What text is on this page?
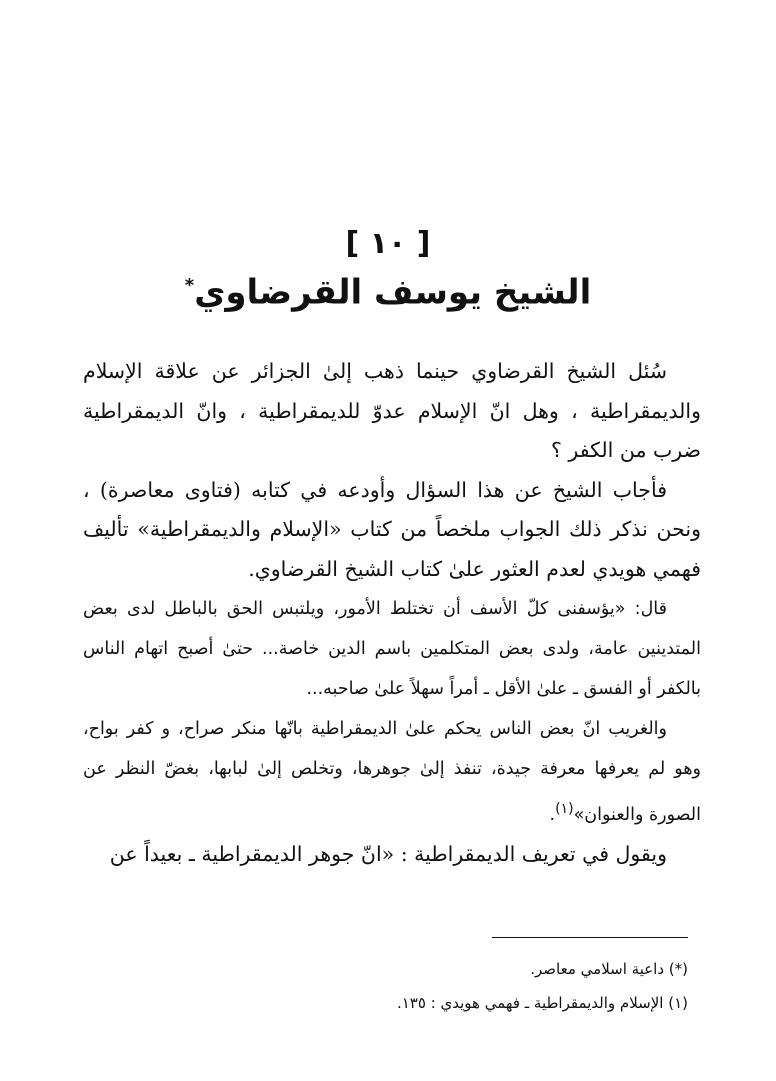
[ ١٠ ]
الشيخ يوسف القرضاوي*

سُئل الشيخ القرضاوي حينما ذهب إلىٰ الجزائر عن علاقة الإسلام والديمقراطية ، وهل انّ الإسلام عدوّ للديمقراطية ، وانّ الديمقراطية ضرب من الكفر ؟

فأجاب الشيخ عن هذا السؤال وأودعه في كتابه (فتاوى معاصرة) ، ونحن نذكر ذلك الجواب ملخصاً من كتاب «الإسلام والديمقراطية» تأليف فهمي هويدي لعدم العثور علىٰ كتاب الشيخ القرضاوي.

قال: «يؤسفنى كلّ الأسف أن تختلط الأمور، ويلتبس الحق بالباطل لدى بعض المتدينين عامة، ولدى بعض المتكلمين باسم الدين خاصة... حتىٰ أصبح اتهام الناس بالكفر أو الفسق ـ علىٰ الأقل ـ أمراً سهلاً علىٰ صاحبه...

والغريب انّ بعض الناس يحكم علىٰ الديمقراطية بانّها منكر صراح، و كفر بواح، وهو لم يعرفها معرفة جيدة، تنفذ إلىٰ جوهرها، وتخلص إلىٰ لبابها، بغضّ النظر عن الصورة والعنوان»$^{(١)}$.

ويقول في تعريف الديمقراطية : «انّ جوهر الديمقراطية ـ بعيداً عن

(*) داعية اسلامي معاصر.

(١) الإسلام والديمقراطية ـ فهمي هويدي : ١٣٥.
